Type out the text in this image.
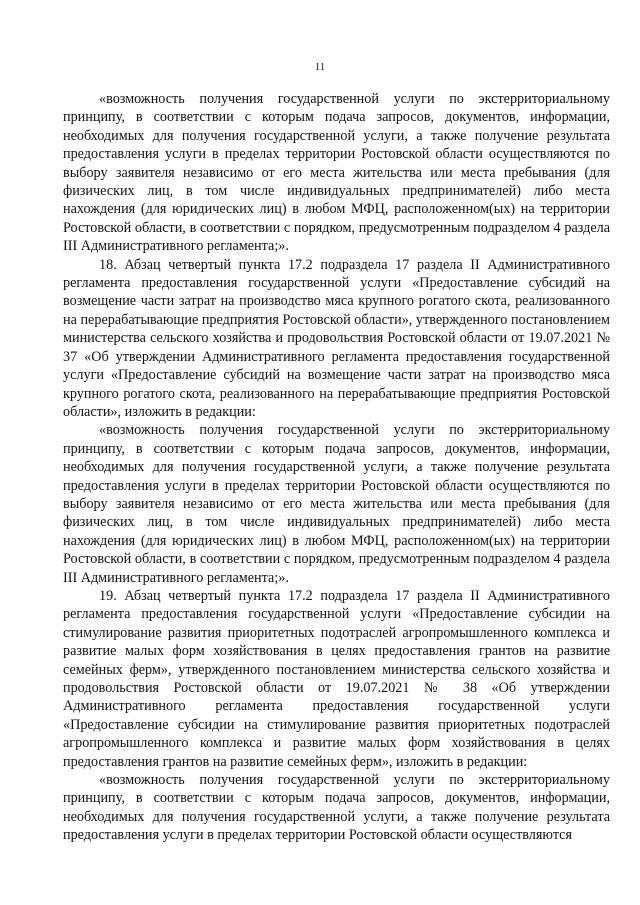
11

«возможность получения государственной услуги по экстерриториальному принципу, в соответствии с которым подача запросов, документов, информации, необходимых для получения государственной услуги, а также получение результата предоставления услуги в пределах территории Ростовской области осуществляются по выбору заявителя независимо от его места жительства или места пребывания (для физических лиц, в том числе индивидуальных предпринимателей) либо места нахождения (для юридических лиц) в любом МФЦ, расположенном(ых) на территории Ростовской области, в соответствии с порядком, предусмотренным подразделом 4 раздела III Административного регламента;».

18. Абзац четвертый пункта 17.2 подраздела 17 раздела II Административного регламента предоставления государственной услуги «Предоставление субсидий на возмещение части затрат на производство мяса крупного рогатого скота, реализованного на перерабатывающие предприятия Ростовской области», утвержденного постановлением министерства сельского хозяйства и продовольствия Ростовской области от 19.07.2021 № 37 «Об утверждении Административного регламента предоставления государственной услуги «Предоставление субсидий на возмещение части затрат на производство мяса крупного рогатого скота, реализованного на перерабатывающие предприятия Ростовской области», изложить в редакции:

«возможность получения государственной услуги по экстерриториальному принципу, в соответствии с которым подача запросов, документов, информации, необходимых для получения государственной услуги, а также получение результата предоставления услуги в пределах территории Ростовской области осуществляются по выбору заявителя независимо от его места жительства или места пребывания (для физических лиц, в том числе индивидуальных предпринимателей) либо места нахождения (для юридических лиц) в любом МФЦ, расположенном(ых) на территории Ростовской области, в соответствии с порядком, предусмотренным подразделом 4 раздела III Административного регламента;».

19. Абзац четвертый пункта 17.2 подраздела 17 раздела II Административного регламента предоставления государственной услуги «Предоставление субсидии на стимулирование развития приоритетных подотраслей агропромышленного комплекса и развитие малых форм хозяйствования в целях предоставления грантов на развитие семейных ферм», утвержденного постановлением министерства сельского хозяйства и продовольствия Ростовской области от 19.07.2021 № 38 «Об утверждении Административного регламента предоставления государственной услуги «Предоставление субсидии на стимулирование развития приоритетных подотраслей агропромышленного комплекса и развитие малых форм хозяйствования в целях предоставления грантов на развитие семейных ферм», изложить в редакции:

«возможность получения государственной услуги по экстерриториальному принципу, в соответствии с которым подача запросов, документов, информации, необходимых для получения государственной услуги, а также получение результата предоставления услуги в пределах территории Ростовской области осуществляются
